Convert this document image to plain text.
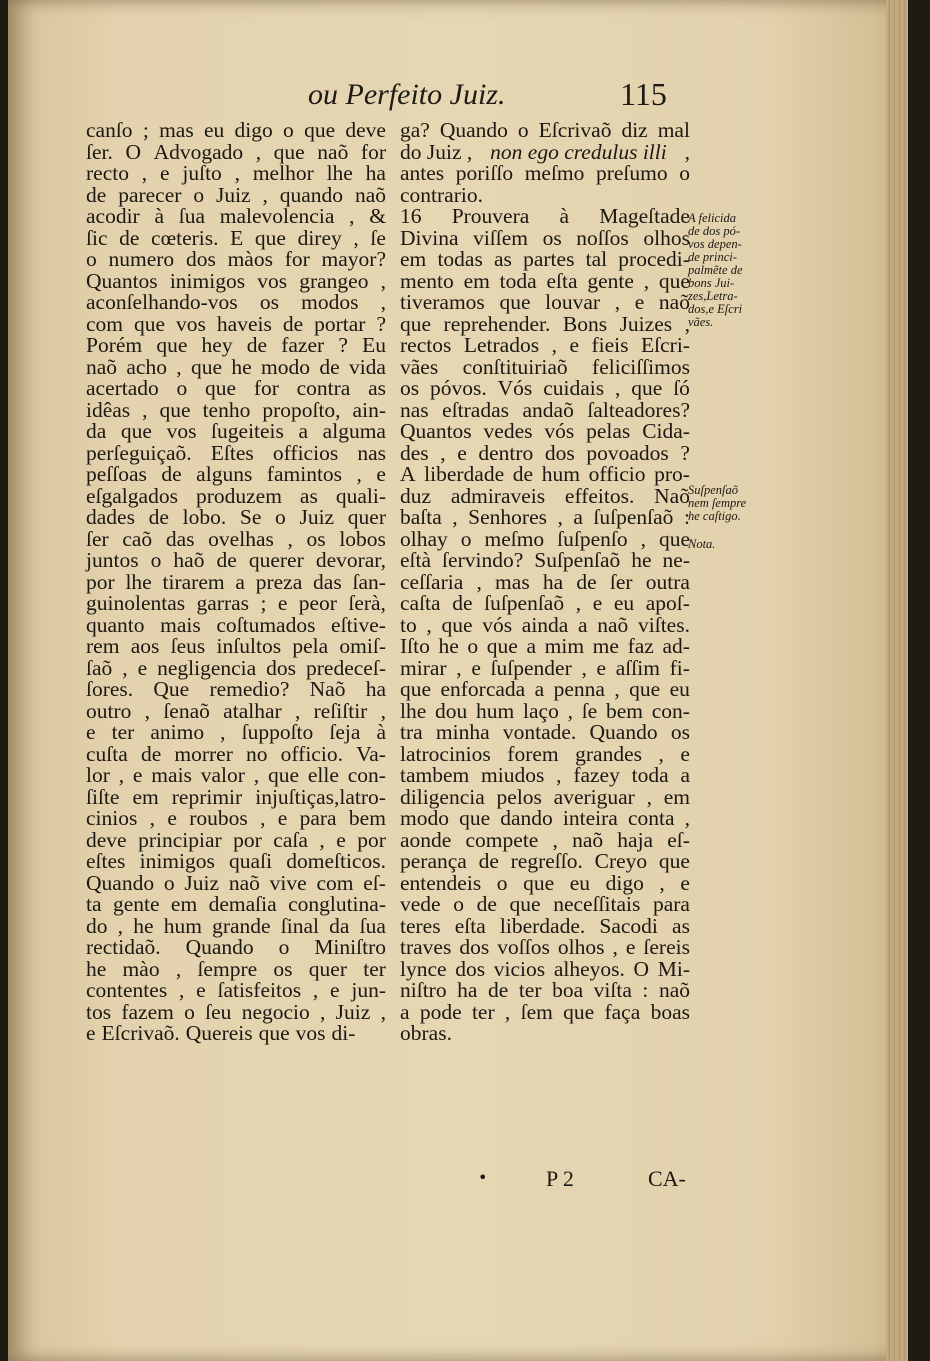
ou Perfeito Juiz.	115
canſo ; mas eu digo o que deve
ſer. O Advogado , que naõ for
recto , e juſto , melhor lhe ha
de parecer o Juiz , quando naõ
acodir à ſua malevolencia , &
ſic de cœteris. E que direy , ſe
o numero dos màos for mayor?
Quantos inimigos vos grangeo ,
aconſelhando-vos os modos ,
com que vos haveis de portar ?
Porém que hey de fazer ? Eu
naõ acho , que he modo de vida
acertado o que for contra as
idêas , que tenho propoſto, ain-
da que vos ſugeiteis a alguma
perſeguiçaõ. Eſtes officios nas
peſſoas de alguns famintos , e
eſgalgados produzem as quali-
dades de lobo. Se o Juiz quer
ſer caõ das ovelhas , os lobos
juntos o haõ de querer devorar,
por lhe tirarem a preza das ſan-
guinolentas garras ; e peor ſerà,
quanto mais coſtumados eſtive-
rem aos ſeus inſultos pela omiſ-
ſaõ , e negligencia dos predeceſ-
ſores. Que remedio? Naõ ha
outro , ſenaõ atalhar , reſiſtir ,
e ter animo , ſuppoſto ſeja à
cuſta de morrer no officio. Va-
lor , e mais valor , que elle con-
ſiſte em reprimir injuſtiças,latro-
cinios , e roubos , e para bem
deve principiar por caſa , e por
eſtes inimigos quaſi domeſticos.
Quando o Juiz naõ vive com eſ-
ta gente em demaſia conglutina-
do , he hum grande ſinal da ſua
rectidaõ. Quando o Miniſtro
he mào , ſempre os quer ter
contentes , e ſatisfeitos , e jun-
tos fazem o ſeu negocio , Juiz ,
e Eſcrivaõ. Quereis que vos di-
ga? Quando o Eſcrivaõ diz mal
do Juiz , non ego credulus illi ,
antes poriſſo meſmo preſumo o
contrario.
16 Prouvera à Mageſtade
Divina viſſem os noſſos olhos
em todas as partes tal procedi-
mento em toda eſta gente , que
tiveramos que louvar , e naõ
que reprehender. Bons Juizes ,
rectos Letrados , e fieis Eſcri-
vães conſtituiriaõ feliciſſimos
os póvos. Vós cuidais , que ſó
nas eſtradas andaõ ſalteadores?
Quantos vedes vós pelas Cida-
des , e dentro dos povoados ?
A liberdade de hum officio pro-
duz admiraveis effeitos. Naõ
baſta , Senhores , a ſuſpenſaõ :
olhay o meſmo ſuſpenſo , que
eſtà ſervindo? Suſpenſaõ he ne-
ceſſaria , mas ha de ſer outra
caſta de ſuſpenſaõ , e eu apoſ-
to , que vós ainda a naõ viſtes.
Iſto he o que a mim me faz ad-
mirar , e ſuſpender , e aſſim fi-
que enforcada a penna , que eu
lhe dou hum laço , ſe bem con-
tra minha vontade. Quando os
latrocinios forem grandes , e
tambem miudos , fazey toda a
diligencia pelos averiguar , em
modo que dando inteira conta ,
aonde compete , naõ haja eſ-
perança de regreſſo. Creyo que
entendeis o que eu digo , e
vede o de que neceſſitais para
teres eſta liberdade. Sacodi as
traves dos voſſos olhos , e ſereis
lynce dos vicios alheyos. O Mi-
niſtro ha de ter boa viſta : naõ
a pode ter , ſem que faça boas
obras.
A felicida
de dos pó-
vos depen-
de princi-
palmẽte de
bons Jui-
zes,Letra-
dos,e Eſcri
vães.
Suſpenſaõ
nem ſempre
he caſtigo.
Nota.
•	P 2	CA-
